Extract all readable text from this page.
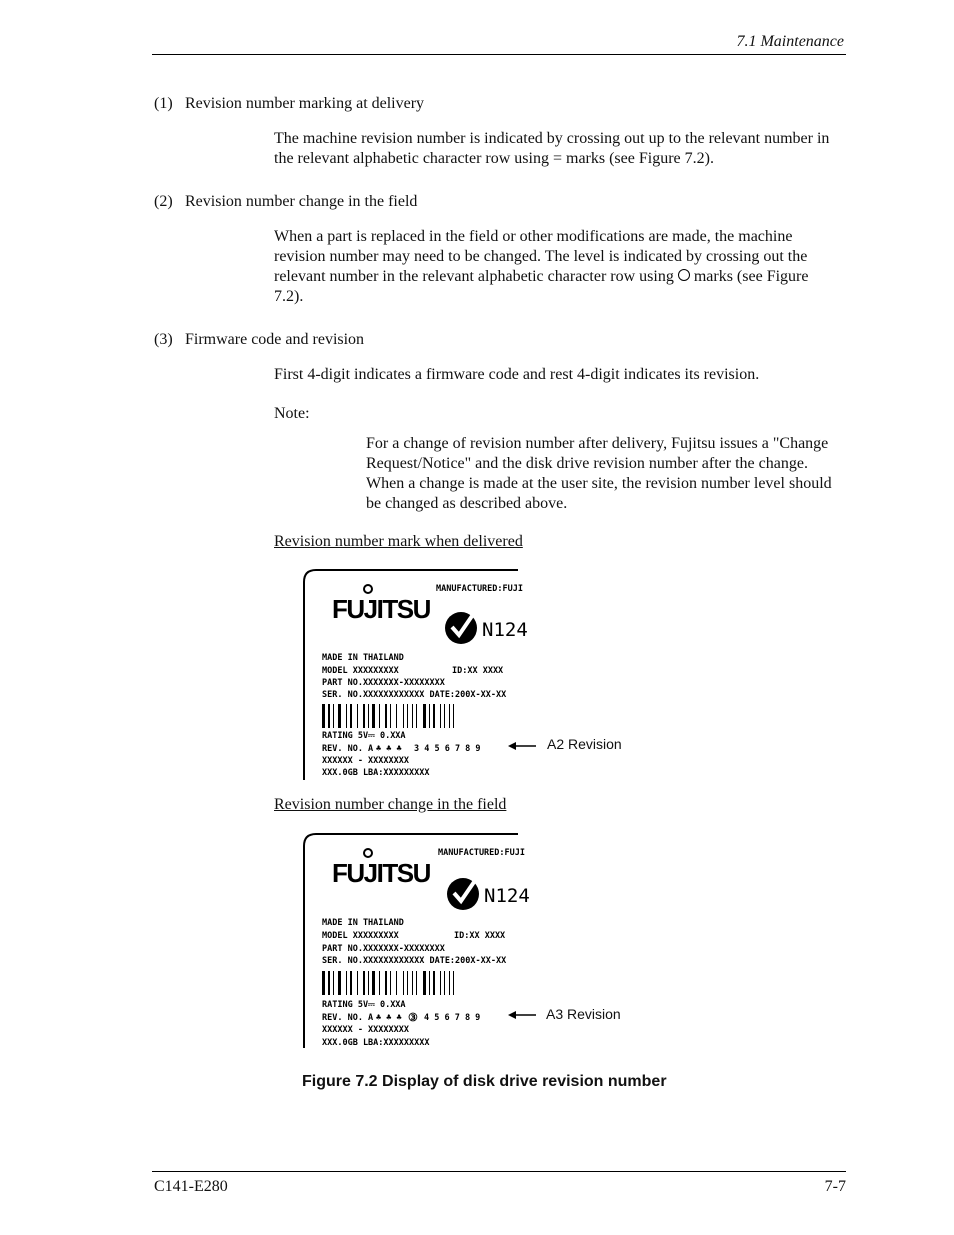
7.1 Maintenance
(1) Revision number marking at delivery
The machine revision number is indicated by crossing out up to the relevant number in the relevant alphabetic character row using = marks (see Figure 7.2).
(2) Revision number change in the field
When a part is replaced in the field or other modifications are made, the machine revision number may need to be changed. The level is indicated by crossing out the relevant number in the relevant alphabetic character row using ○ marks (see Figure 7.2).
(3) Firmware code and revision
First 4-digit indicates a firmware code and rest 4-digit indicates its revision.
Note:
For a change of revision number after delivery, Fujitsu issues a "Change Request/Notice" and the disk drive revision number after the change. When a change is made at the user site, the revision number level should be changed as described above.
Revision number mark when delivered
FUJITSU
MANUFACTURED:FUJI
N124
MADE IN THAILAND
MODEL XXXXXXXXX	ID:XX XXXX
PART NO.XXXXXXX-XXXXXXXX
SER. NO.XXXXXXXXXXXX DATE:200X-XX-XX
RATING 5V⎓ 0.XXA
REV. NO. A ♣ ♣ ♣ 3 4 5 6 7 8 9
XXXXXX - XXXXXXXX
XXX.0GB LBA:XXXXXXXXX
A2 Revision
Revision number change in the field
FUJITSU
MANUFACTURED:FUJI
N124
MADE IN THAILAND
MODEL XXXXXXXXX	ID:XX XXXX
PART NO.XXXXXXX-XXXXXXXX
SER. NO.XXXXXXXXXXXX DATE:200X-XX-XX
RATING 5V⎓ 0.XXA
REV. NO. A ♣ ♣ ♣ ③ 4 5 6 7 8 9
XXXXXX - XXXXXXXX
XXX.0GB LBA:XXXXXXXXX
A3 Revision
Figure 7.2 Display of disk drive revision number
C141-E280	7-7
